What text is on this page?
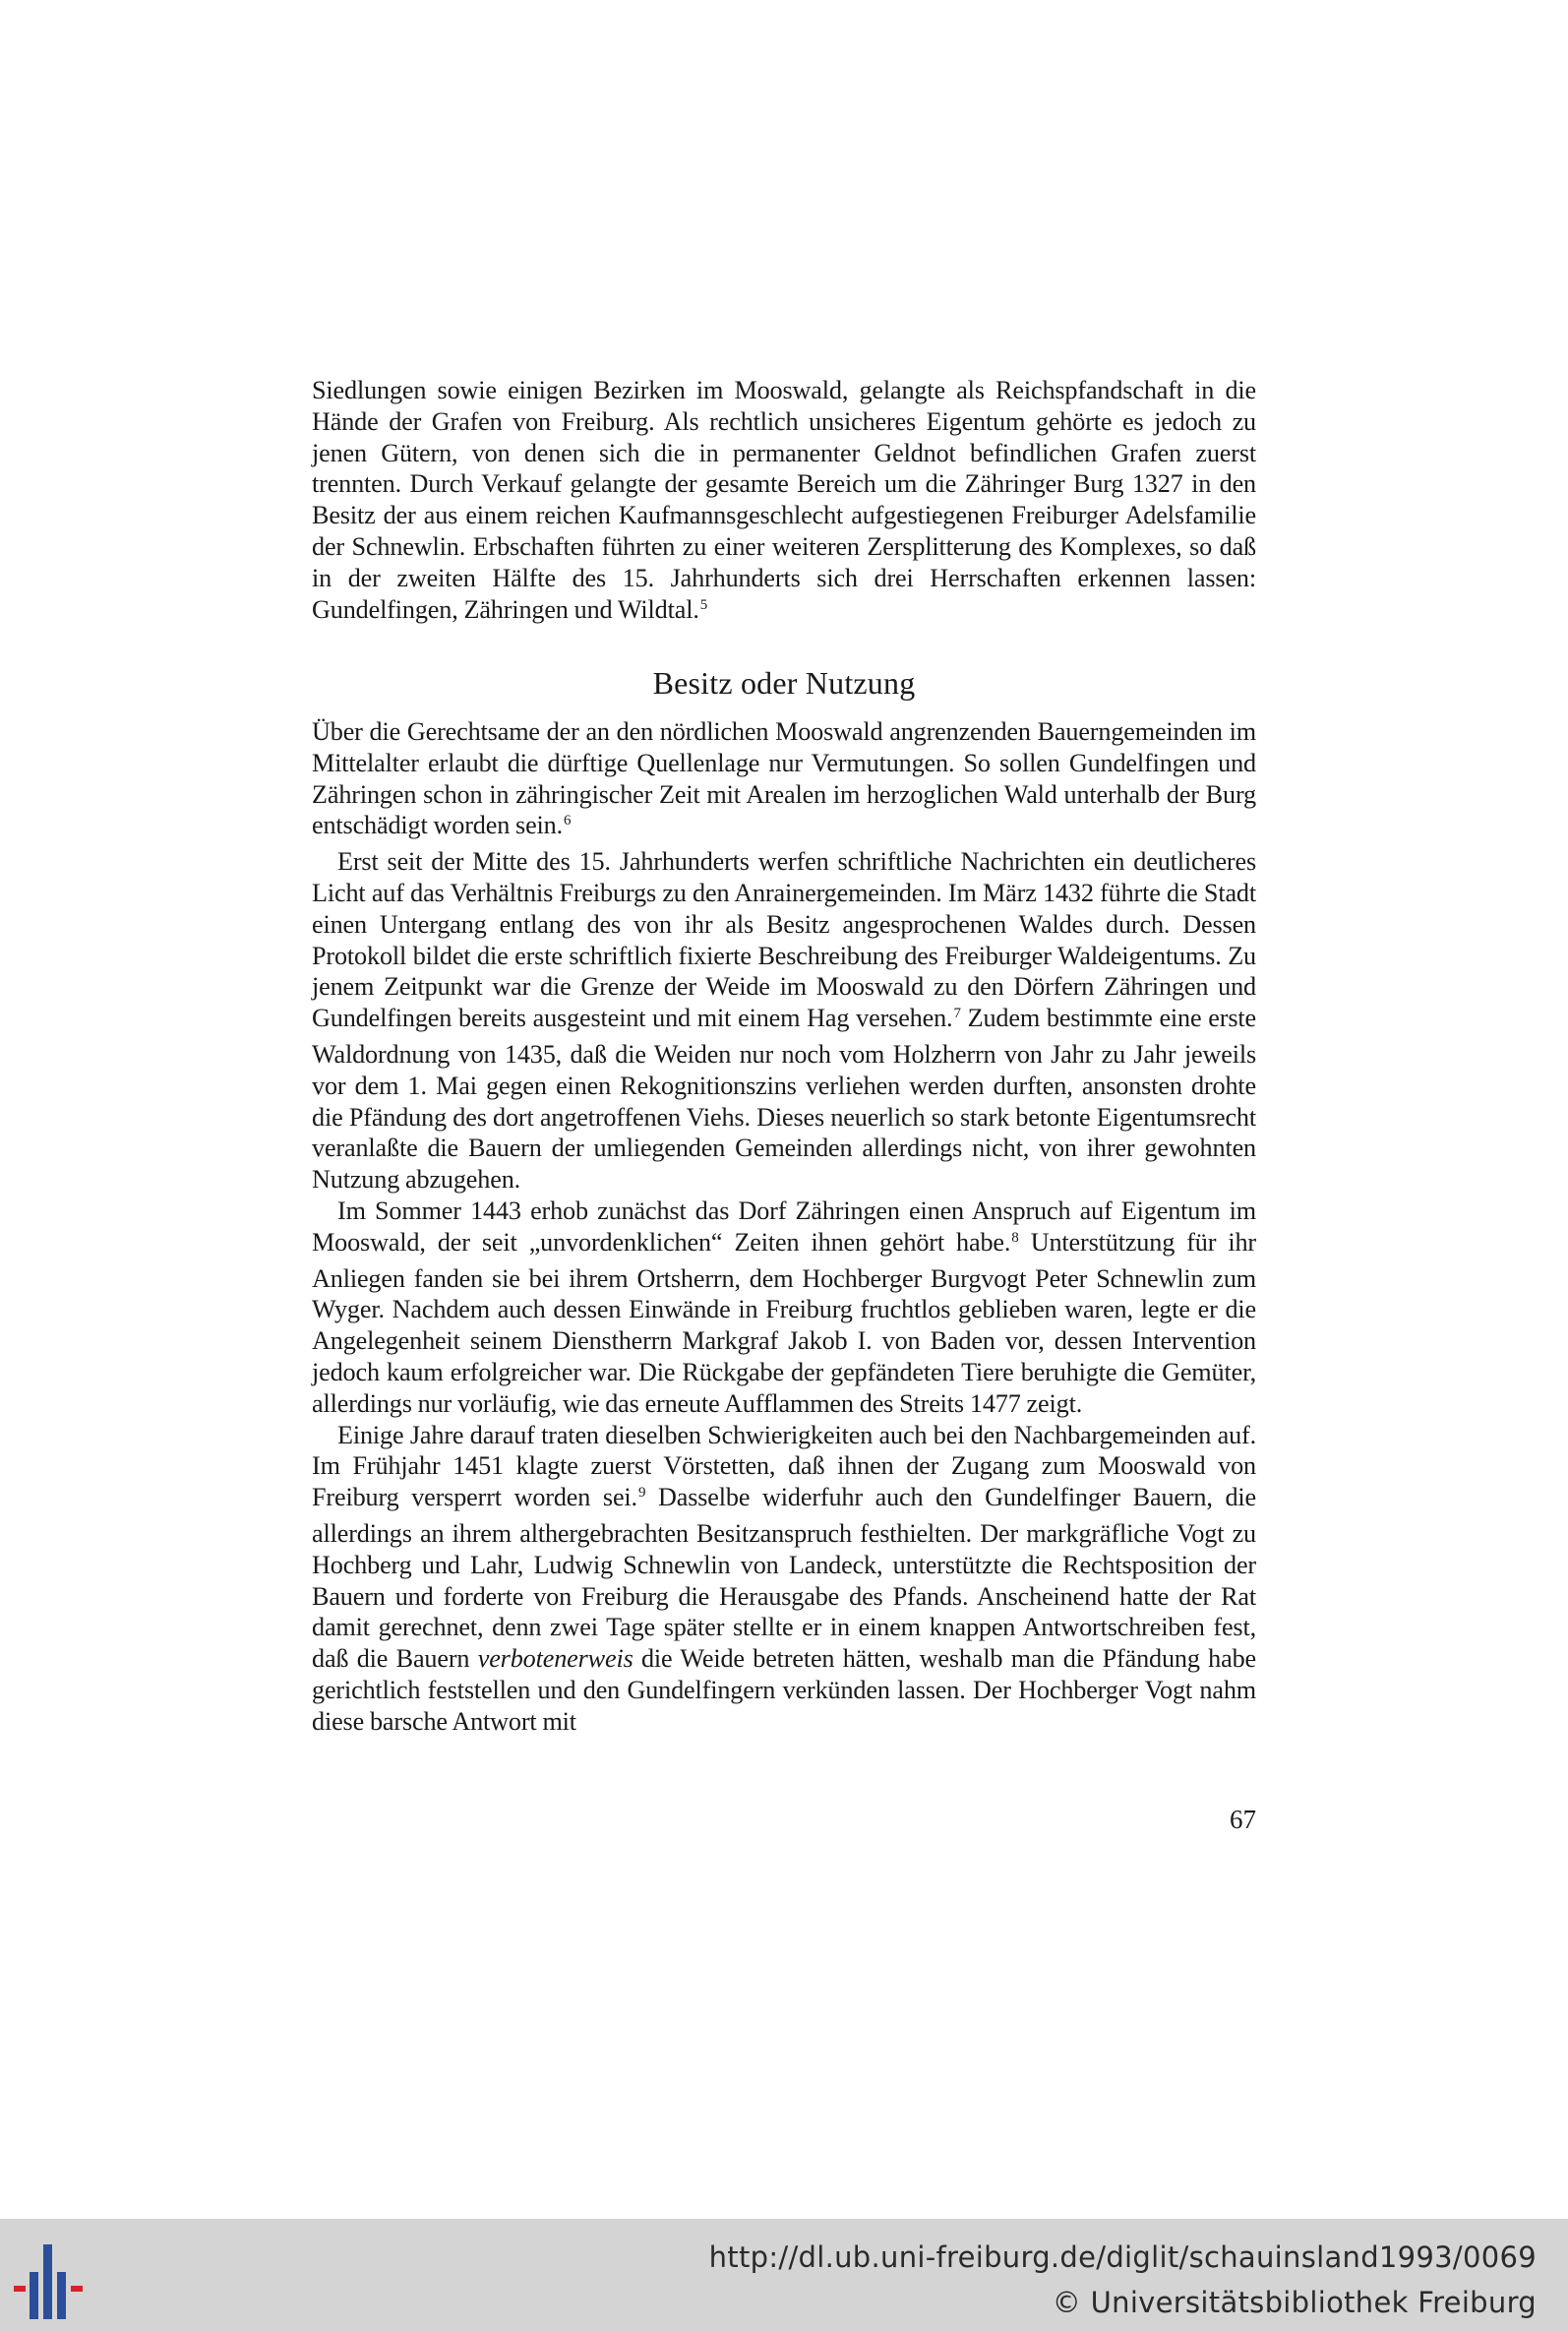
Siedlungen sowie einigen Bezirken im Mooswald, gelangte als Reichspfandschaft in die Hände der Grafen von Freiburg. Als rechtlich unsicheres Eigentum gehörte es jedoch zu jenen Gütern, von denen sich die in permanenter Geldnot befindlichen Grafen zuerst trennten. Durch Verkauf gelangte der gesamte Bereich um die Zähringer Burg 1327 in den Besitz der aus einem reichen Kaufmannsgeschlecht aufgestiegenen Freiburger Adelsfamilie der Schnewlin. Erbschaften führten zu einer weiteren Zersplitterung des Komplexes, so daß in der zweiten Hälfte des 15. Jahrhunderts sich drei Herrschaften erkennen lassen: Gundelfingen, Zähringen und Wildtal.$^5$

Besitz oder Nutzung

Über die Gerechtsame der an den nördlichen Mooswald angrenzenden Bauerngemeinden im Mittelalter erlaubt die dürftige Quellenlage nur Vermutungen. So sollen Gundelfingen und Zähringen schon in zähringischer Zeit mit Arealen im herzoglichen Wald unterhalb der Burg entschädigt worden sein.$^6$

Erst seit der Mitte des 15. Jahrhunderts werfen schriftliche Nachrichten ein deutlicheres Licht auf das Verhältnis Freiburgs zu den Anrainergemeinden. Im März 1432 führte die Stadt einen Untergang entlang des von ihr als Besitz angesprochenen Waldes durch. Dessen Protokoll bildet die erste schriftlich fixierte Beschreibung des Freiburger Waldeigentums. Zu jenem Zeitpunkt war die Grenze der Weide im Mooswald zu den Dörfern Zähringen und Gundelfingen bereits ausgesteint und mit einem Hag versehen.$^7$ Zudem bestimmte eine erste Waldordnung von 1435, daß die Weiden nur noch vom Holzherrn von Jahr zu Jahr jeweils vor dem 1. Mai gegen einen Rekognitionszins verliehen werden durften, ansonsten drohte die Pfändung des dort angetroffenen Viehs. Dieses neuerlich so stark betonte Eigentumsrecht veranlaßte die Bauern der umliegenden Gemeinden allerdings nicht, von ihrer gewohnten Nutzung abzugehen.

Im Sommer 1443 erhob zunächst das Dorf Zähringen einen Anspruch auf Eigentum im Mooswald, der seit „unvordenklichen“ Zeiten ihnen gehört habe.$^8$ Unterstützung für ihr Anliegen fanden sie bei ihrem Ortsherrn, dem Hochberger Burgvogt Peter Schnewlin zum Wyger. Nachdem auch dessen Einwände in Freiburg fruchtlos geblieben waren, legte er die Angelegenheit seinem Dienstherrn Markgraf Jakob I. von Baden vor, dessen Intervention jedoch kaum erfolgreicher war. Die Rückgabe der gepfändeten Tiere beruhigte die Gemüter, allerdings nur vorläufig, wie das erneute Aufflammen des Streits 1477 zeigt.

Einige Jahre darauf traten dieselben Schwierigkeiten auch bei den Nachbargemeinden auf. Im Frühjahr 1451 klagte zuerst Vörstetten, daß ihnen der Zugang zum Mooswald von Freiburg versperrt worden sei.$^9$ Dasselbe widerfuhr auch den Gundelfinger Bauern, die allerdings an ihrem althergebrachten Besitzanspruch festhielten. Der markgräfliche Vogt zu Hochberg und Lahr, Ludwig Schnewlin von Landeck, unterstützte die Rechtsposition der Bauern und forderte von Freiburg die Herausgabe des Pfands. Anscheinend hatte der Rat damit gerechnet, denn zwei Tage später stellte er in einem knappen Antwortschreiben fest, daß die Bauern verbotenerweis die Weide betreten hätten, weshalb man die Pfändung habe gerichtlich feststellen und den Gundelfingern verkünden lassen. Der Hochberger Vogt nahm diese barsche Antwort mit

67
http://dl.ub.uni-freiburg.de/diglit/schauinsland1993/0069
© Universitätsbibliothek Freiburg
